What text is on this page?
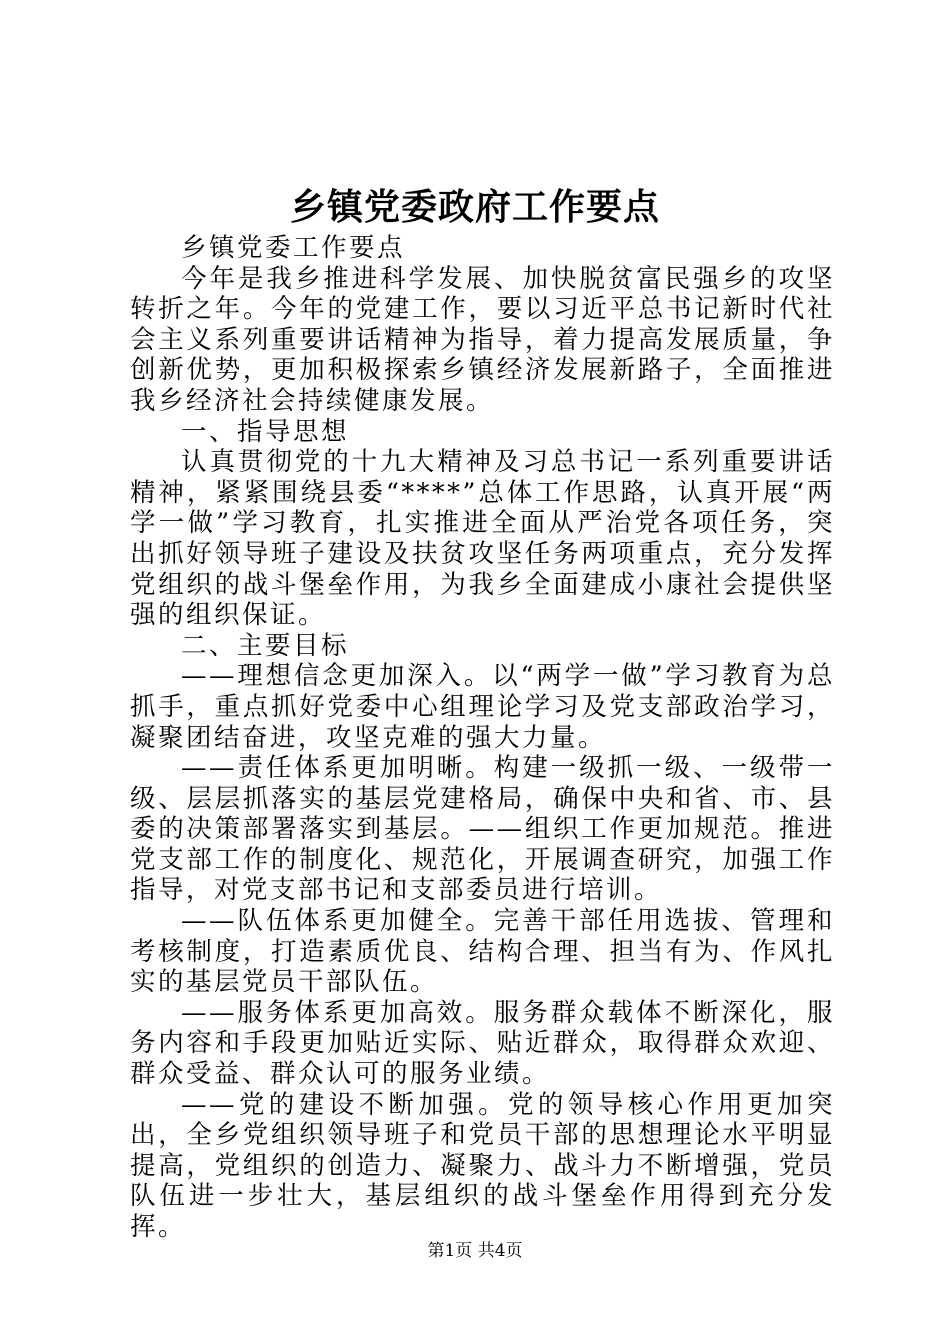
乡镇党委政府工作要点

乡镇党委工作要点

今年是我乡推进科学发展、加快脱贫富民强乡的攻坚转折之年。今年的党建工作，要以习近平总书记新时代社会主义系列重要讲话精神为指导，着力提高发展质量，争创新优势，更加积极探索乡镇经济发展新路子，全面推进我乡经济社会持续健康发展。

一、指导思想

认真贯彻党的十九大精神及习总书记一系列重要讲话精神，紧紧围绕县委“****”总体工作思路，认真开展“两学一做”学习教育，扎实推进全面从严治党各项任务，突出抓好领导班子建设及扶贫攻坚任务两项重点，充分发挥党组织的战斗堡垒作用，为我乡全面建成小康社会提供坚强的组织保证。

二、主要目标

——理想信念更加深入。以“两学一做”学习教育为总抓手，重点抓好党委中心组理论学习及党支部政治学习，凝聚团结奋进，攻坚克难的强大力量。

——责任体系更加明晰。构建一级抓一级、一级带一级、层层抓落实的基层党建格局，确保中央和省、市、县委的决策部署落实到基层。——组织工作更加规范。推进党支部工作的制度化、规范化，开展调查研究，加强工作指导，对党支部书记和支部委员进行培训。

——队伍体系更加健全。完善干部任用选拔、管理和考核制度，打造素质优良、结构合理、担当有为、作风扎实的基层党员干部队伍。

——服务体系更加高效。服务群众载体不断深化，服务内容和手段更加贴近实际、贴近群众，取得群众欢迎、群众受益、群众认可的服务业绩。

——党的建设不断加强。党的领导核心作用更加突出，全乡党组织领导班子和党员干部的思想理论水平明显提高，党组织的创造力、凝聚力、战斗力不断增强，党员队伍进一步壮大，基层组织的战斗堡垒作用得到充分发挥。

第1页 共4页
